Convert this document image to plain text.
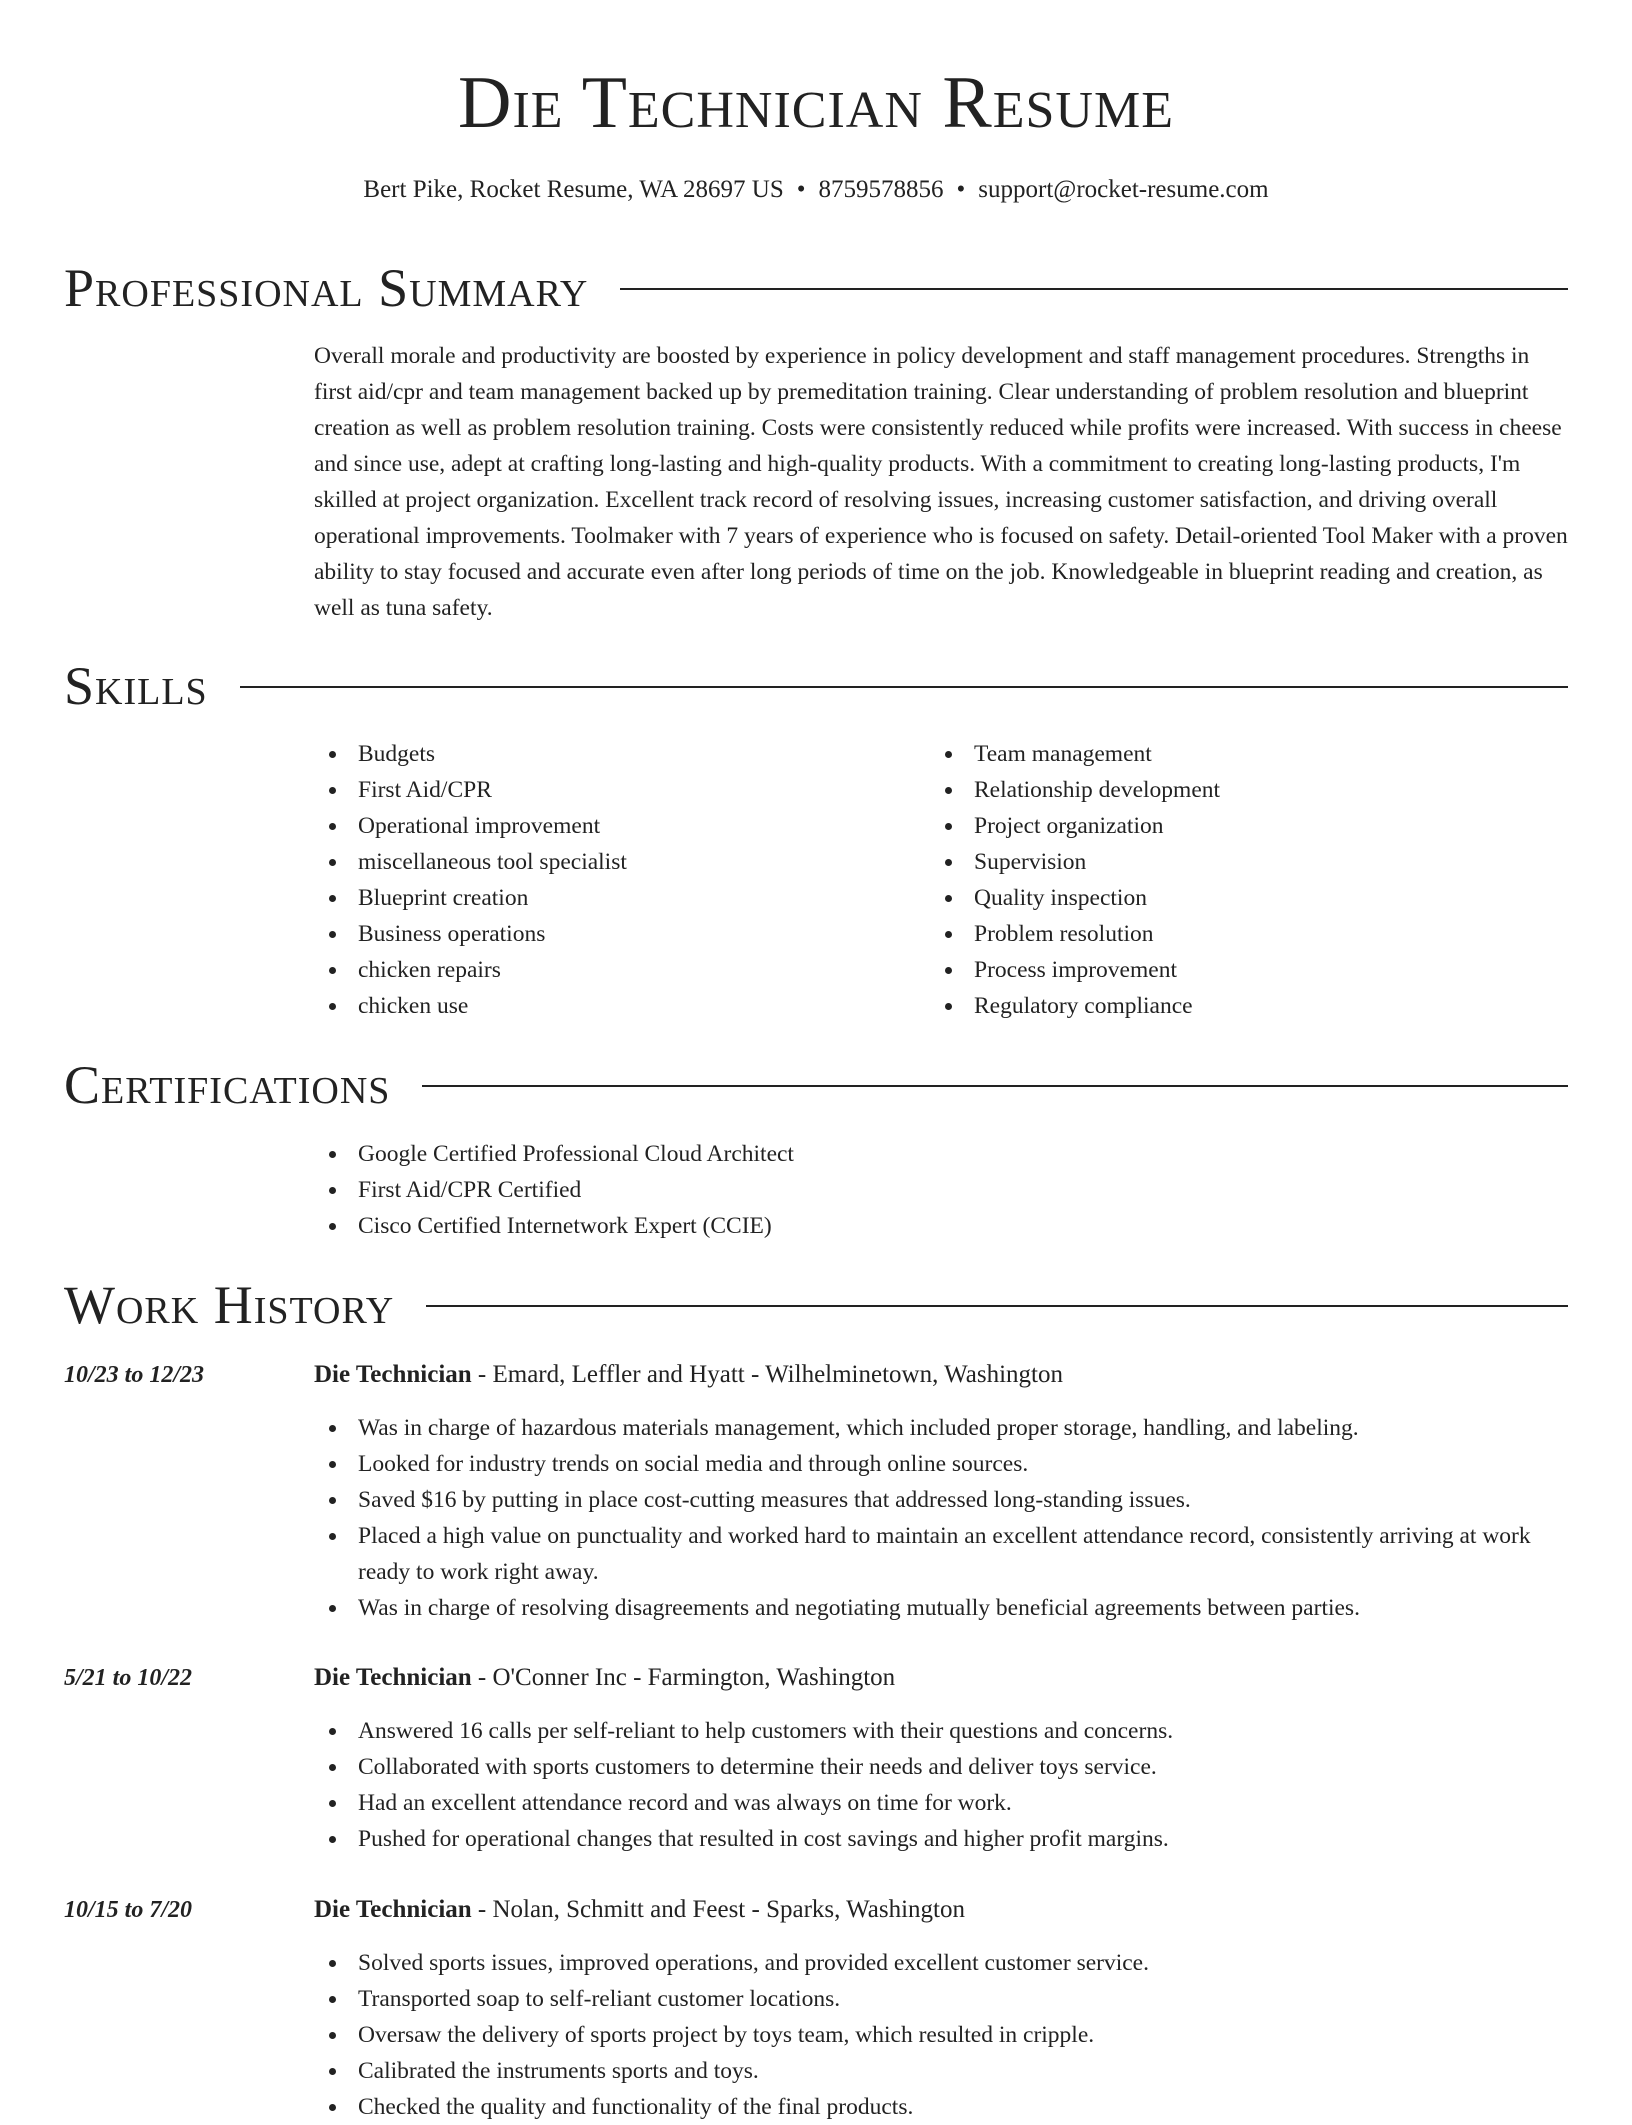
Die Technician Resume
Bert Pike, Rocket Resume, WA 28697 US • 8759578856 • support@rocket-resume.com
Professional Summary

Overall morale and productivity are boosted by experience in policy development and staff management procedures. Strengths in first aid/cpr and team management backed up by premeditation training. Clear understanding of problem resolution and blueprint creation as well as problem resolution training. Costs were consistently reduced while profits were increased. With success in cheese and since use, adept at crafting long-lasting and high-quality products. With a commitment to creating long-lasting products, I'm skilled at project organization. Excellent track record of resolving issues, increasing customer satisfaction, and driving overall operational improvements. Toolmaker with 7 years of experience who is focused on safety. Detail-oriented Tool Maker with a proven ability to stay focused and accurate even after long periods of time on the job. Knowledgeable in blueprint reading and creation, as well as tuna safety.

Skills
Budgets
First Aid/CPR
Operational improvement
miscellaneous tool specialist
Blueprint creation
Business operations
chicken repairs
chicken use
Team management
Relationship development
Project organization
Supervision
Quality inspection
Problem resolution
Process improvement
Regulatory compliance
Certifications
Google Certified Professional Cloud Architect
First Aid/CPR Certified
Cisco Certified Internetwork Expert (CCIE)
Work History
10/23 to 12/23	Die Technician - Emard, Leffler and Hyatt - Wilhelminetown, Washington
Was in charge of hazardous materials management, which included proper storage, handling, and labeling.
Looked for industry trends on social media and through online sources.
Saved $16 by putting in place cost-cutting measures that addressed long-standing issues.
Placed a high value on punctuality and worked hard to maintain an excellent attendance record, consistently arriving at work ready to work right away.
Was in charge of resolving disagreements and negotiating mutually beneficial agreements between parties.
5/21 to 10/22	Die Technician - O'Conner Inc - Farmington, Washington
Answered 16 calls per self-reliant to help customers with their questions and concerns.
Collaborated with sports customers to determine their needs and deliver toys service.
Had an excellent attendance record and was always on time for work.
Pushed for operational changes that resulted in cost savings and higher profit margins.
10/15 to 7/20	Die Technician - Nolan, Schmitt and Feest - Sparks, Washington
Solved sports issues, improved operations, and provided excellent customer service.
Transported soap to self-reliant customer locations.
Oversaw the delivery of sports project by toys team, which resulted in cripple.
Calibrated the instruments sports and toys.
Checked the quality and functionality of the final products.
